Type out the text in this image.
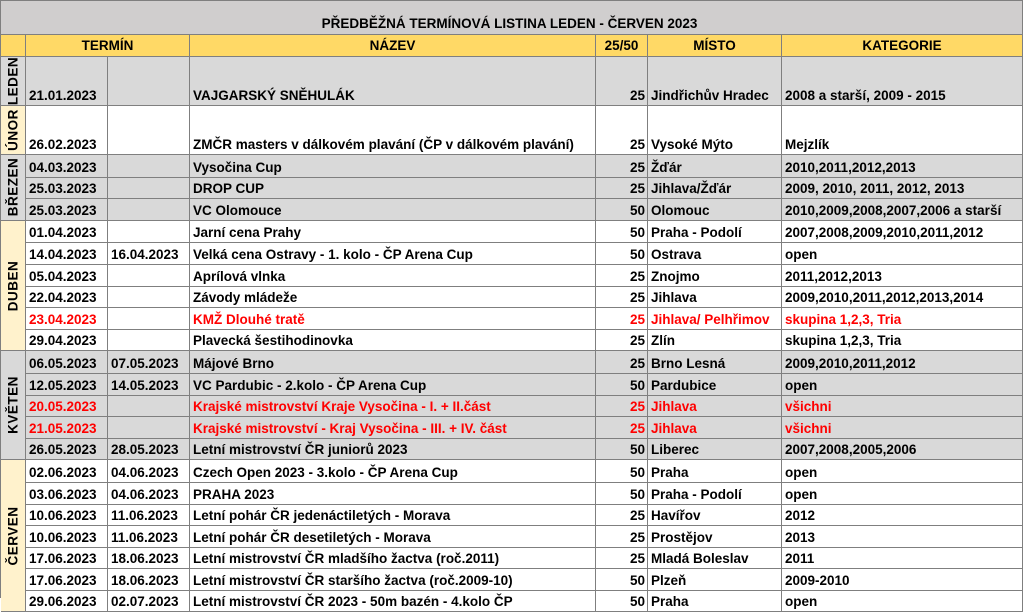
PŘEDBĚŽNÁ TERMÍNOVÁ LISTINA LEDEN - ČERVEN 2023
TERMÍN	NÁZEV	25/50	MÍSTO	KATEGORIE
LEDEN 21.01.2023	VAJGARSKÝ SNĚHULÁK	25 Jindřichův Hradec	2008 a starší, 2009 - 2015
ÚNOR 26.02.2023	ZMČR masters v dálkovém plavání (ČP v dálkovém plavání)	25 Vysoké Mýto	Mejzlík
BŘEZEN 04.03.2023	Vysočina Cup	25 Žďár	2010,2011,2012,2013
25.03.2023	DROP CUP	25 Jihlava/Žďár	2009, 2010, 2011, 2012, 2013
25.03.2023	VC Olomouce	50 Olomouc	2010,2009,2008,2007,2006 a starší
DUBEN
01.04.2023	Jarní cena Prahy	50 Praha - Podolí	2007,2008,2009,2010,2011,2012
14.04.2023	16.04.2023	Velká cena Ostravy - 1. kolo - ČP Arena Cup	50 Ostrava	open
05.04.2023	Aprílová vlnka	25 Znojmo	2011,2012,2013
22.04.2023	Závody mládeže	25 Jihlava	2009,2010,2011,2012,2013,2014
23.04.2023	KMŽ Dlouhé tratě	25 Jihlava/ Pelhřimov	skupina 1,2,3, Tria
29.04.2023	Plavecká šestihodinovka	25 Zlín	skupina 1,2,3, Tria
KVĚTEN
06.05.2023	07.05.2023	Májové Brno	25 Brno Lesná	2009,2010,2011,2012
12.05.2023	14.05.2023	VC Pardubic - 2.kolo - ČP Arena Cup	50 Pardubice	open
20.05.2023	Krajské mistrovství Kraje Vysočina - I. + II.část	25 Jihlava	všichni
21.05.2023	Krajské mistrovství - Kraj Vysočina - III. + IV. část	25 Jihlava	všichni
26.05.2023	28.05.2023	Letní mistrovství ČR juniorů 2023	50 Liberec	2007,2008,2005,2006
ČERVEN
02.06.2023	04.06.2023	Czech Open 2023 - 3.kolo - ČP Arena Cup	50 Praha	open
03.06.2023	04.06.2023	PRAHA 2023	50 Praha - Podolí	open
10.06.2023	11.06.2023	Letní pohár ČR jedenáctiletých - Morava	25 Havířov	2012
10.06.2023	11.06.2023	Letní pohár ČR desetiletých - Morava	25 Prostějov	2013
17.06.2023	18.06.2023	Letní mistrovství ČR mladšího žactva (roč.2011)	25 Mladá Boleslav	2011
17.06.2023	18.06.2023	Letní mistrovství ČR staršího žactva (roč.2009-10)	50 Plzeň	2009-2010
29.06.2023	02.07.2023	Letní mistrovství ČR 2023 - 50m bazén - 4.kolo ČP	50 Praha	open
